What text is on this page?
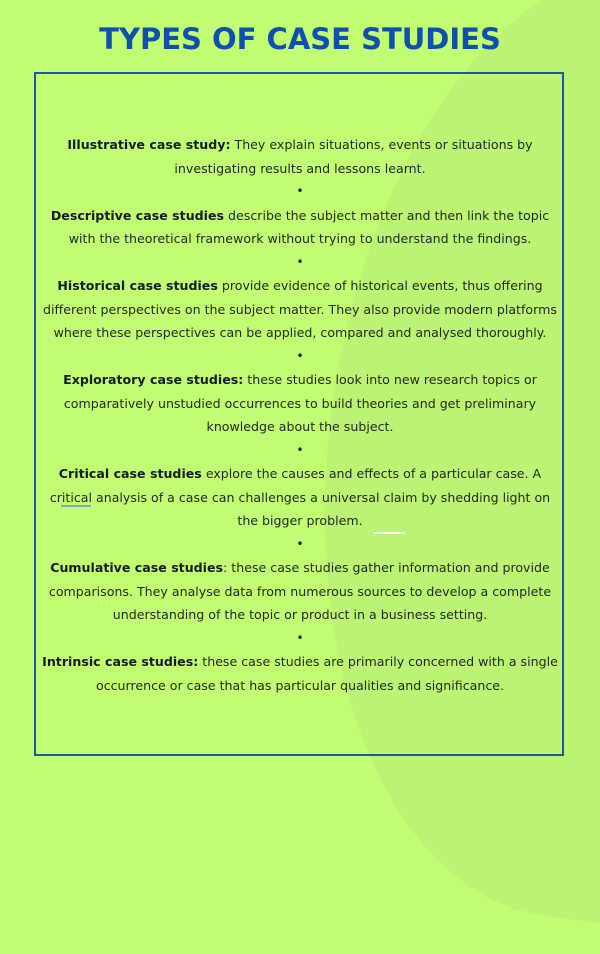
TYPES OF CASE STUDIES

Illustrative case study: They explain situations, events or situations by investigating results and lessons learnt.

•

Descriptive case studies describe the subject matter and then link the topic with the theoretical framework without trying to understand the findings.

•

Historical case studies provide evidence of historical events, thus offering different perspectives on the subject matter. They also provide modern platforms where these perspectives can be applied, compared and analysed thoroughly.

•

Exploratory case studies: these studies look into new research topics or comparatively unstudied occurrences to build theories and get preliminary knowledge about the subject.

•

Critical case studies explore the causes and effects of a particular case. A critical analysis of a case can challenges a universal claim by shedding light on the bigger problem.

•

Cumulative case studies: these case studies gather information and provide comparisons. They analyse data from numerous sources to develop a complete understanding of the topic or product in a business setting.

•

Intrinsic case studies: these case studies are primarily concerned with a single occurrence or case that has particular qualities and significance.
